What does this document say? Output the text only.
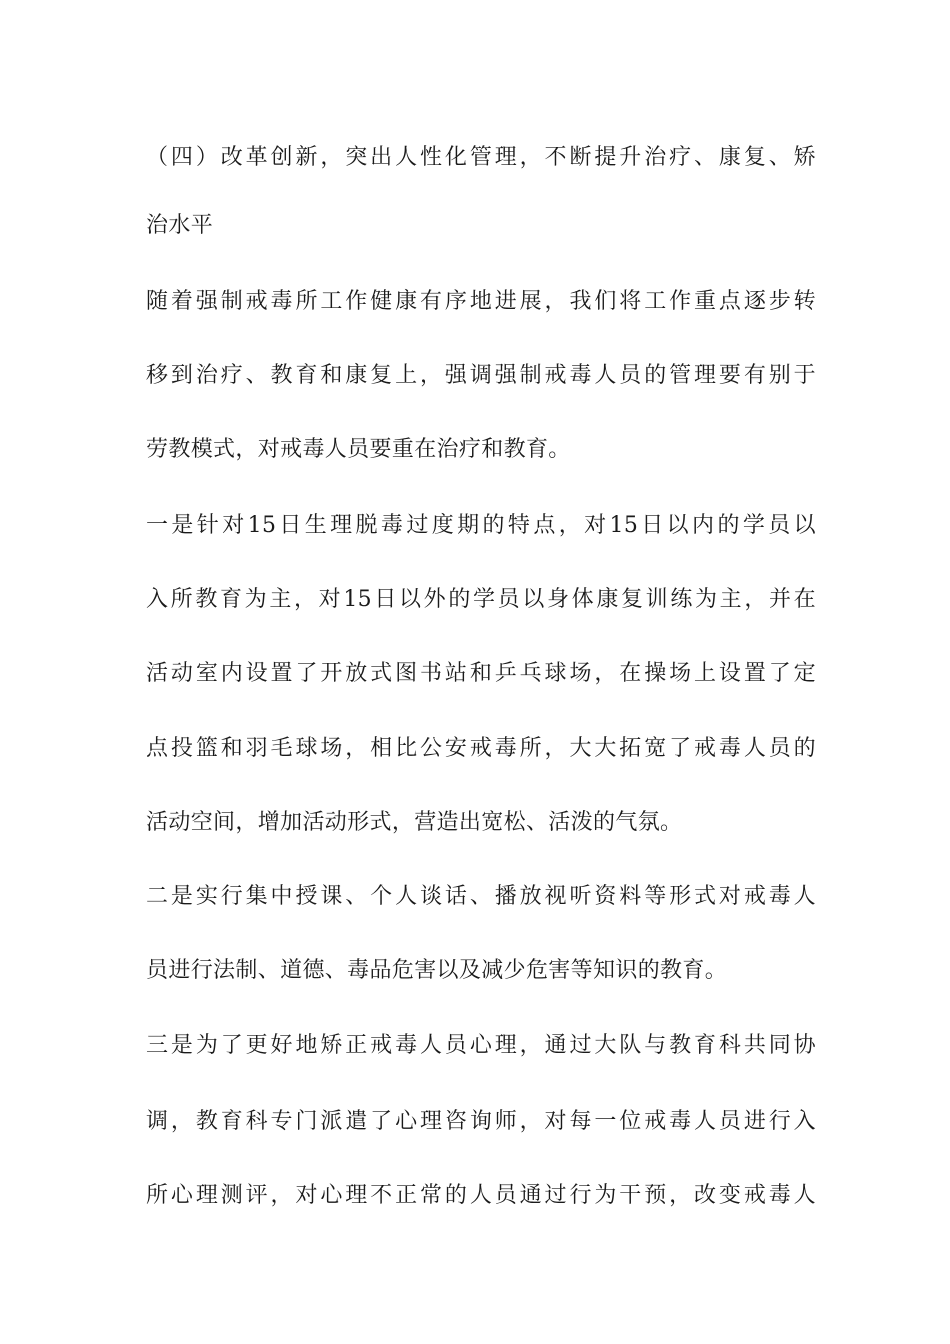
（四）改革创新，突出人性化管理，不断提升治疗、康复、矫
治水平
随着强制戒毒所工作健康有序地进展，我们将工作重点逐步转
移到治疗、教育和康复上，强调强制戒毒人员的管理要有别于
劳教模式，对戒毒人员要重在治疗和教育。
一是针对15日生理脱毒过度期的特点，对15日以内的学员以
入所教育为主，对15日以外的学员以身体康复训练为主，并在
活动室内设置了开放式图书站和乒乓球场，在操场上设置了定
点投篮和羽毛球场，相比公安戒毒所，大大拓宽了戒毒人员的
活动空间，增加活动形式，营造出宽松、活泼的气氛。
二是实行集中授课、个人谈话、播放视听资料等形式对戒毒人
员进行法制、道德、毒品危害以及减少危害等知识的教育。
三是为了更好地矫正戒毒人员心理，通过大队与教育科共同协
调，教育科专门派遣了心理咨询师，对每一位戒毒人员进行入
所心理测评，对心理不正常的人员通过行为干预，改变戒毒人
